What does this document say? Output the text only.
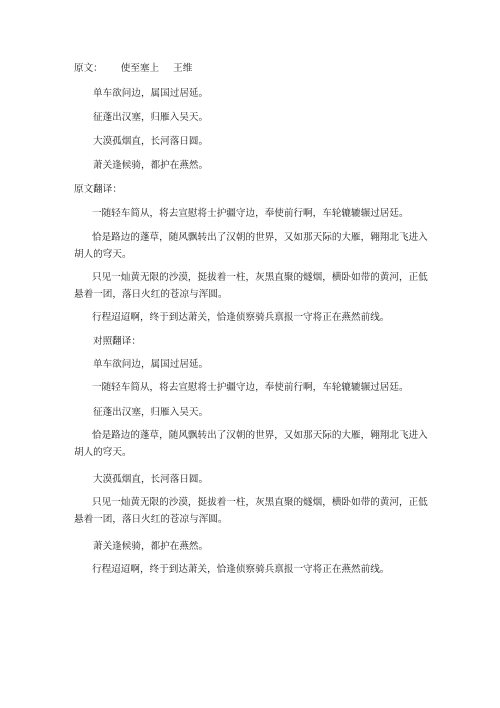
原文： 使至塞上 王维
单车欲问边，属国过居延。
征蓬出汉塞，归雁入吴天。
大漠孤烟直，长河落日圆。
萧关逢候骑，都护在燕然。
原文翻译：
一随轻车简从，将去宣慰将士护疆守边，奉使前行啊，车轮辘辘辗过居廷。
恰是路边的蓬草，随风飘转出了汉朝的世界，又如那天际的大雁，翱翔北飞进入胡人的穹天。
只见一灿黄无限的沙漠，挺拔着一柱，灰黑直聚的燧烟，横卧如带的黄河，正低悬着一团，落日火红的苍凉与浑圆。
行程迢迢啊，终于到达萧关，恰逢侦察骑兵禀报一守将正在燕然前线。
对照翻译：
单车欲问边，属国过居延。
一随轻车简从，将去宣慰将士护疆守边，奉使前行啊，车轮辘辘辗过居廷。
征蓬出汉塞，归雁入吴天。
恰是路边的蓬草，随风飘转出了汉朝的世界，又如那天际的大雁，翱翔北飞进入胡人的穹天。
大漠孤烟直，长河落日圆。
只见一灿黄无限的沙漠，挺拔着一柱，灰黑直聚的燧烟，横卧如带的黄河，正低悬着一团，落日火红的苍凉与浑圆。
萧关逢候骑，都护在燕然。
行程迢迢啊，终于到达萧关，恰逢侦察骑兵禀报一守将正在燕然前线。
